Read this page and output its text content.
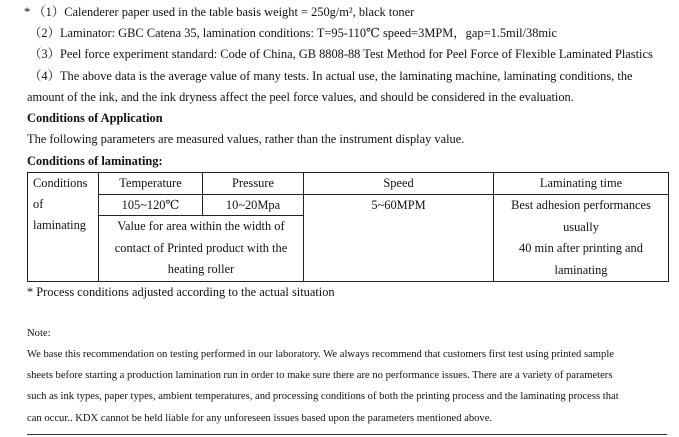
* （1）Calenderer paper used in the table basis weight = 250g/m², black toner
（2）Laminator: GBC Catena 35, lamination conditions: T=95-110℃ speed=3MPM，gap=1.5mil/38mic
（3）Peel force experiment standard: Code of China, GB 8808-88 Test Method for Peel Force of Flexible Laminated Plastics
（4）The above data is the average value of many tests. In actual use, the laminating machine, laminating conditions, the
amount of the ink, and the ink dryness affect the peel force values, and should be considered in the evaluation.
Conditions of Application
The following parameters are measured values, rather than the instrument display value.
Conditions of laminating:
Conditions
of
laminating	Temperature	Pressure	Speed	Laminating time
	105~120℃	10~20Mpa	5~60MPM	Best adhesion performances usually
40 min after printing and laminating

	Value for area within the width of
contact of Printed product with the
heating roller			

* Process conditions adjusted according to the actual situation
Note:
We base this recommendation on testing performed in our laboratory. We always recommend that customers first test using printed sample
sheets before starting a production lamination run in order to make sure there are no performance issues. There are a variety of parameters
such as ink types, paper types, ambient temperatures, and processing conditions of both the printing process and the laminating process that
can occur.. KDX cannot be held liable for any unforeseen issues based upon the parameters mentioned above.
